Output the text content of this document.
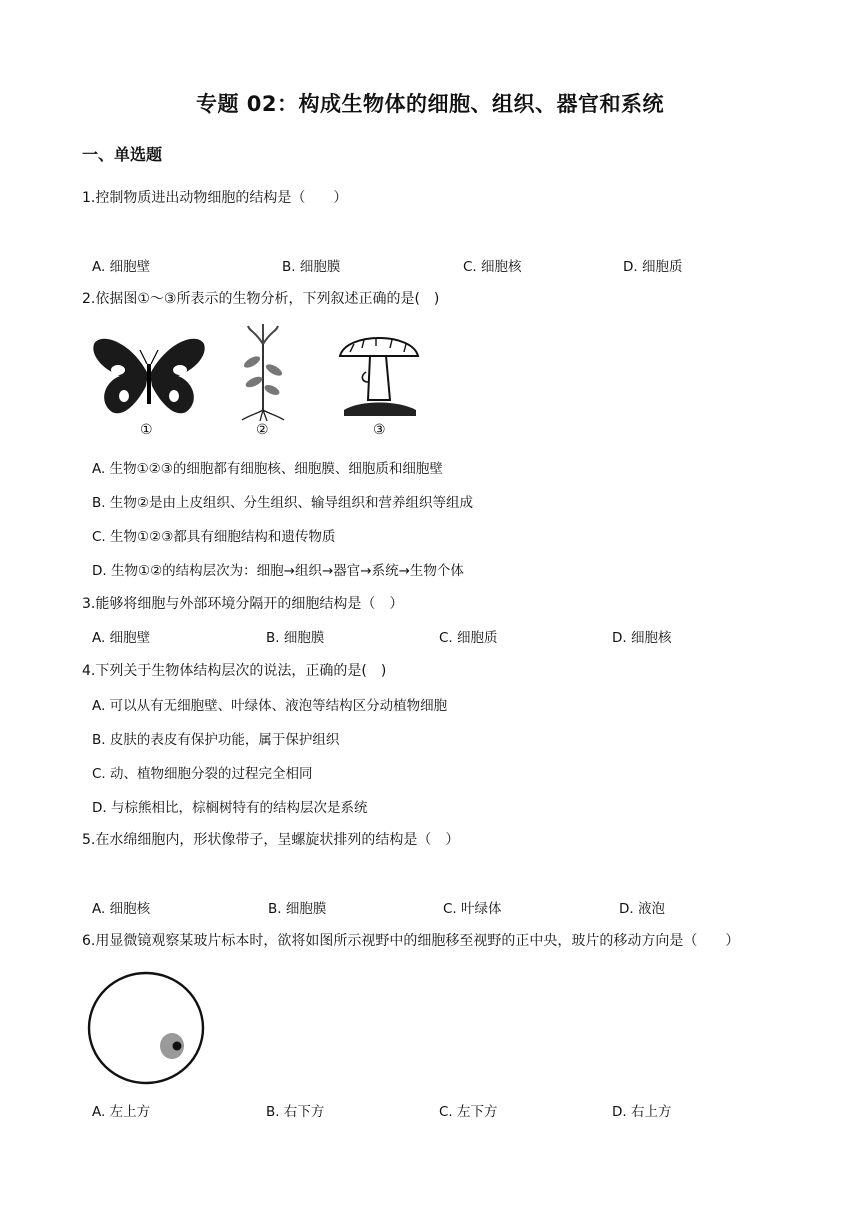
专题 02：构成生物体的细胞、组织、器官和系统
一、单选题
1.控制物质进出动物细胞的结构是（　　）
A. 细胞壁	B. 细胞膜	C. 细胞核	D. 细胞质
2.依据图①～③所表示的生物分析，下列叙述正确的是(　)
①	②	③
A. 生物①②③的细胞都有细胞核、细胞膜、细胞质和细胞壁
B. 生物②是由上皮组织、分生组织、输导组织和营养组织等组成
C. 生物①②③都具有细胞结构和遗传物质
D. 生物①②的结构层次为：细胞→组织→器官→系统→生物个体
3.能够将细胞与外部环境分隔开的细胞结构是（　）
A. 细胞壁	B. 细胞膜	C. 细胞质	D. 细胞核
4.下列关于生物体结构层次的说法，正确的是(　)
A. 可以从有无细胞壁、叶绿体、液泡等结构区分动植物细胞
B. 皮肤的表皮有保护功能，属于保护组织
C. 动、植物细胞分裂的过程完全相同
D. 与棕熊相比，棕榈树特有的结构层次是系统
5.在水绵细胞内，形状像带子，呈螺旋状排列的结构是（　）
A. 细胞核	B. 细胞膜	C. 叶绿体	D. 液泡
6.用显微镜观察某玻片标本时，欲将如图所示视野中的细胞移至视野的正中央，玻片的移动方向是（　　）
A. 左上方	B. 右下方	C. 左下方	D. 右上方
